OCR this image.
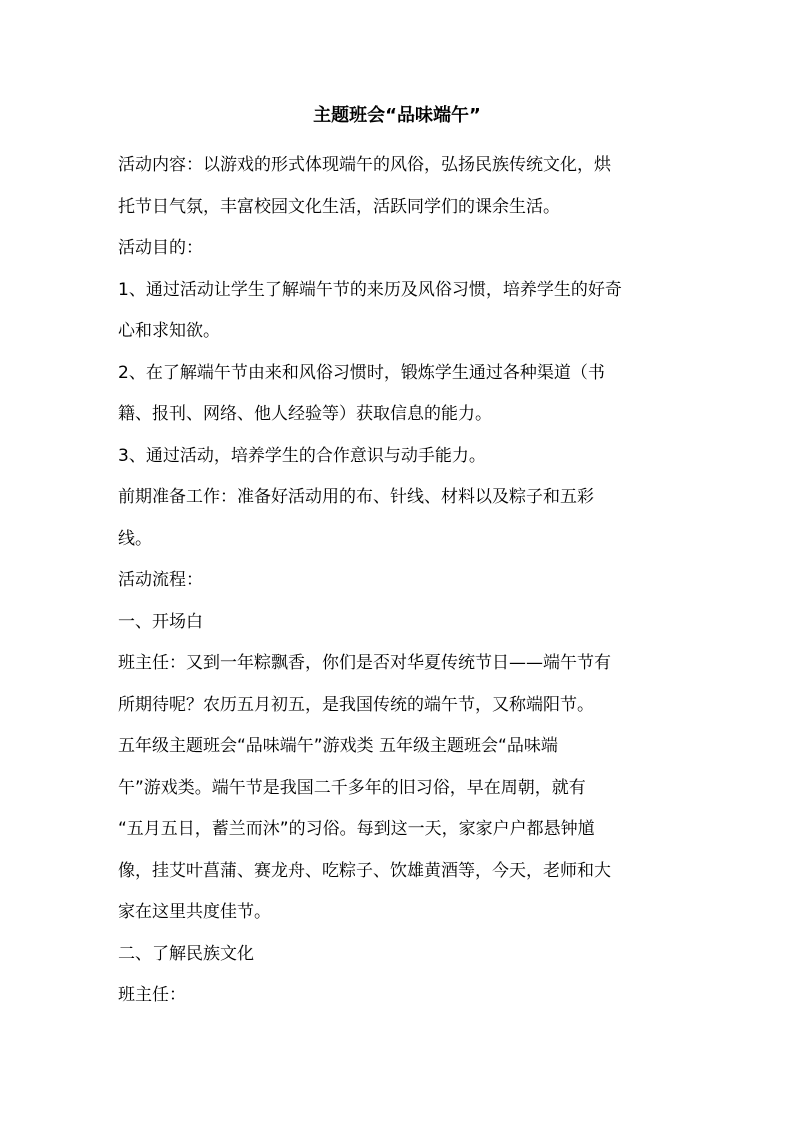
主题班会“品味端午”
活动内容：以游戏的形式体现端午的风俗，弘扬民族传统文化，烘
托节日气氛，丰富校园文化生活，活跃同学们的课余生活。
活动目的：
1、通过活动让学生了解端午节的来历及风俗习惯，培养学生的好奇
心和求知欲。
2、在了解端午节由来和风俗习惯时，锻炼学生通过各种渠道（书
籍、报刊、网络、他人经验等）获取信息的能力。
3、通过活动，培养学生的合作意识与动手能力。
前期准备工作：准备好活动用的布、针线、材料以及粽子和五彩
线。
活动流程：
一、开场白
班主任：又到一年粽飘香，你们是否对华夏传统节日——端午节有
所期待呢？农历五月初五，是我国传统的端午节，又称端阳节。
五年级主题班会“品味端午”游戏类 五年级主题班会“品味端
午”游戏类。端午节是我国二千多年的旧习俗，早在周朝，就有
“五月五日，蓄兰而沐”的习俗。每到这一天，家家户户都悬钟馗
像，挂艾叶菖蒲、赛龙舟、吃粽子、饮雄黄酒等，今天，老师和大
家在这里共度佳节。
二、了解民族文化
班主任：
